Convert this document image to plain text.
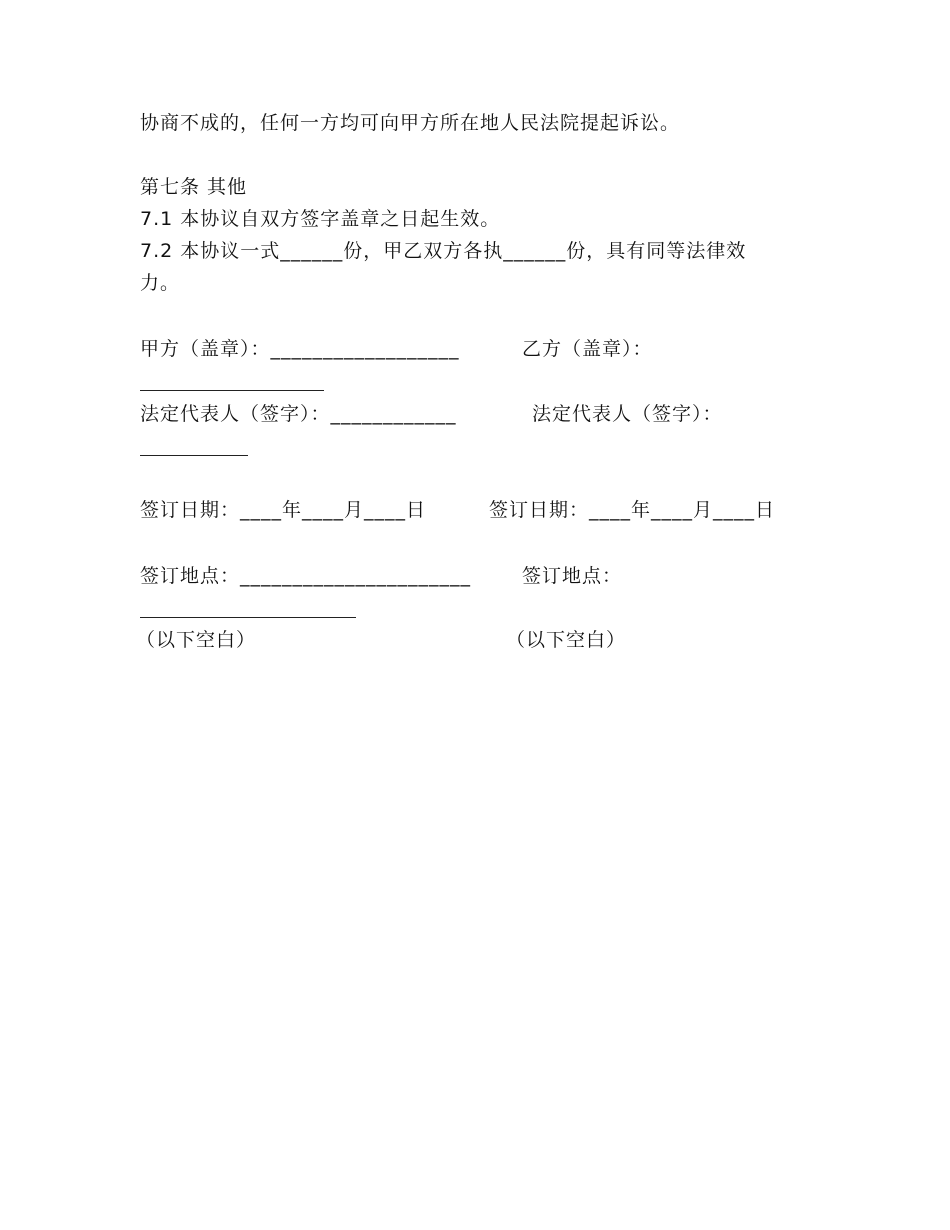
协商不成的，任何一方均可向甲方所在地人民法院提起诉讼。
第七条 其他
7.1 本协议自双方签字盖章之日起生效。
7.2 本协议一式______份，甲乙双方各执______份，具有同等法律效
力。
甲方（盖章）：__________________	乙方（盖章）：
法定代表人（签字）：____________	法定代表人（签字）：
签订日期：____年____月____日	签订日期：____年____月____日
签订地点：______________________	签订地点：
（以下空白）	（以下空白）
